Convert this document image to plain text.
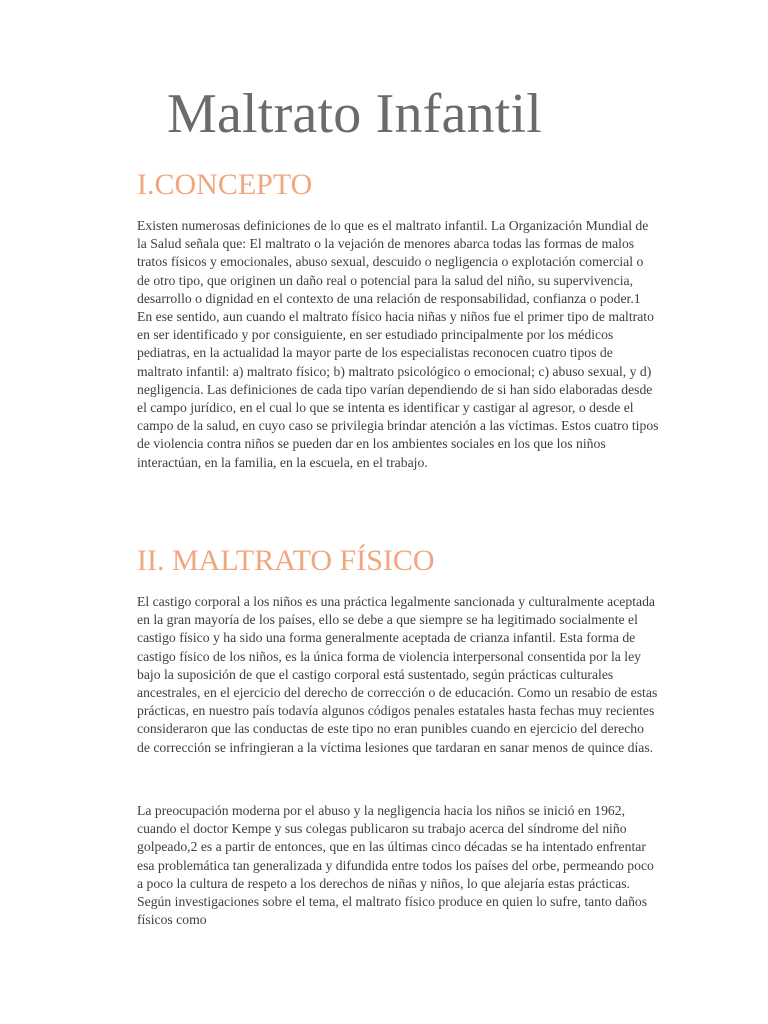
Maltrato Infantil
I.CONCEPTO

Existen numerosas definiciones de lo que es el maltrato infantil. La Organización Mundial de la Salud señala que: El maltrato o la vejación de menores abarca todas las formas de malos tratos físicos y emocionales, abuso sexual, descuido o negligencia o explotación comercial o de otro tipo, que originen un daño real o potencial para la salud del niño, su supervivencia, desarrollo o dignidad en el contexto de una relación de responsabilidad, confianza o poder.1 En ese sentido, aun cuando el maltrato físico hacia niñas y niños fue el primer tipo de maltrato en ser identificado y por consiguiente, en ser estudiado principalmente por los médicos pediatras, en la actualidad la mayor parte de los especialistas reconocen cuatro tipos de maltrato infantil: a) maltrato físico; b) maltrato psicológico o emocional; c) abuso sexual, y d) negligencia. Las definiciones de cada tipo varían dependiendo de si han sido elaboradas desde el campo jurídico, en el cual lo que se intenta es identificar y castigar al agresor, o desde el campo de la salud, en cuyo caso se privilegia brindar atención a las víctimas. Estos cuatro tipos de violencia contra niños se pueden dar en los ambientes sociales en los que los niños interactúan, en la familia, en la escuela, en el trabajo.

II. MALTRATO FÍSICO

El castigo corporal a los niños es una práctica legalmente sancionada y culturalmente aceptada en la gran mayoría de los países, ello se debe a que siempre se ha legitimado socialmente el castigo físico y ha sido una forma generalmente aceptada de crianza infantil. Esta forma de castigo físico de los niños, es la única forma de violencia interpersonal consentida por la ley bajo la suposición de que el castigo corporal está sustentado, según prácticas culturales ancestrales, en el ejercicio del derecho de corrección o de educación. Como un resabio de estas prácticas, en nuestro país todavía algunos códigos penales estatales hasta fechas muy recientes consideraron que las conductas de este tipo no eran punibles cuando en ejercicio del derecho de corrección se infringieran a la víctima lesiones que tardaran en sanar menos de quince días.

La preocupación moderna por el abuso y la negligencia hacia los niños se inició en 1962, cuando el doctor Kempe y sus colegas publicaron su trabajo acerca del síndrome del niño golpeado,2 es a partir de entonces, que en las últimas cinco décadas se ha intentado enfrentar esa problemática tan generalizada y difundida entre todos los países del orbe, permeando poco a poco la cultura de respeto a los derechos de niñas y niños, lo que alejaría estas prácticas. Según investigaciones sobre el tema, el maltrato físico produce en quien lo sufre, tanto daños físicos como
